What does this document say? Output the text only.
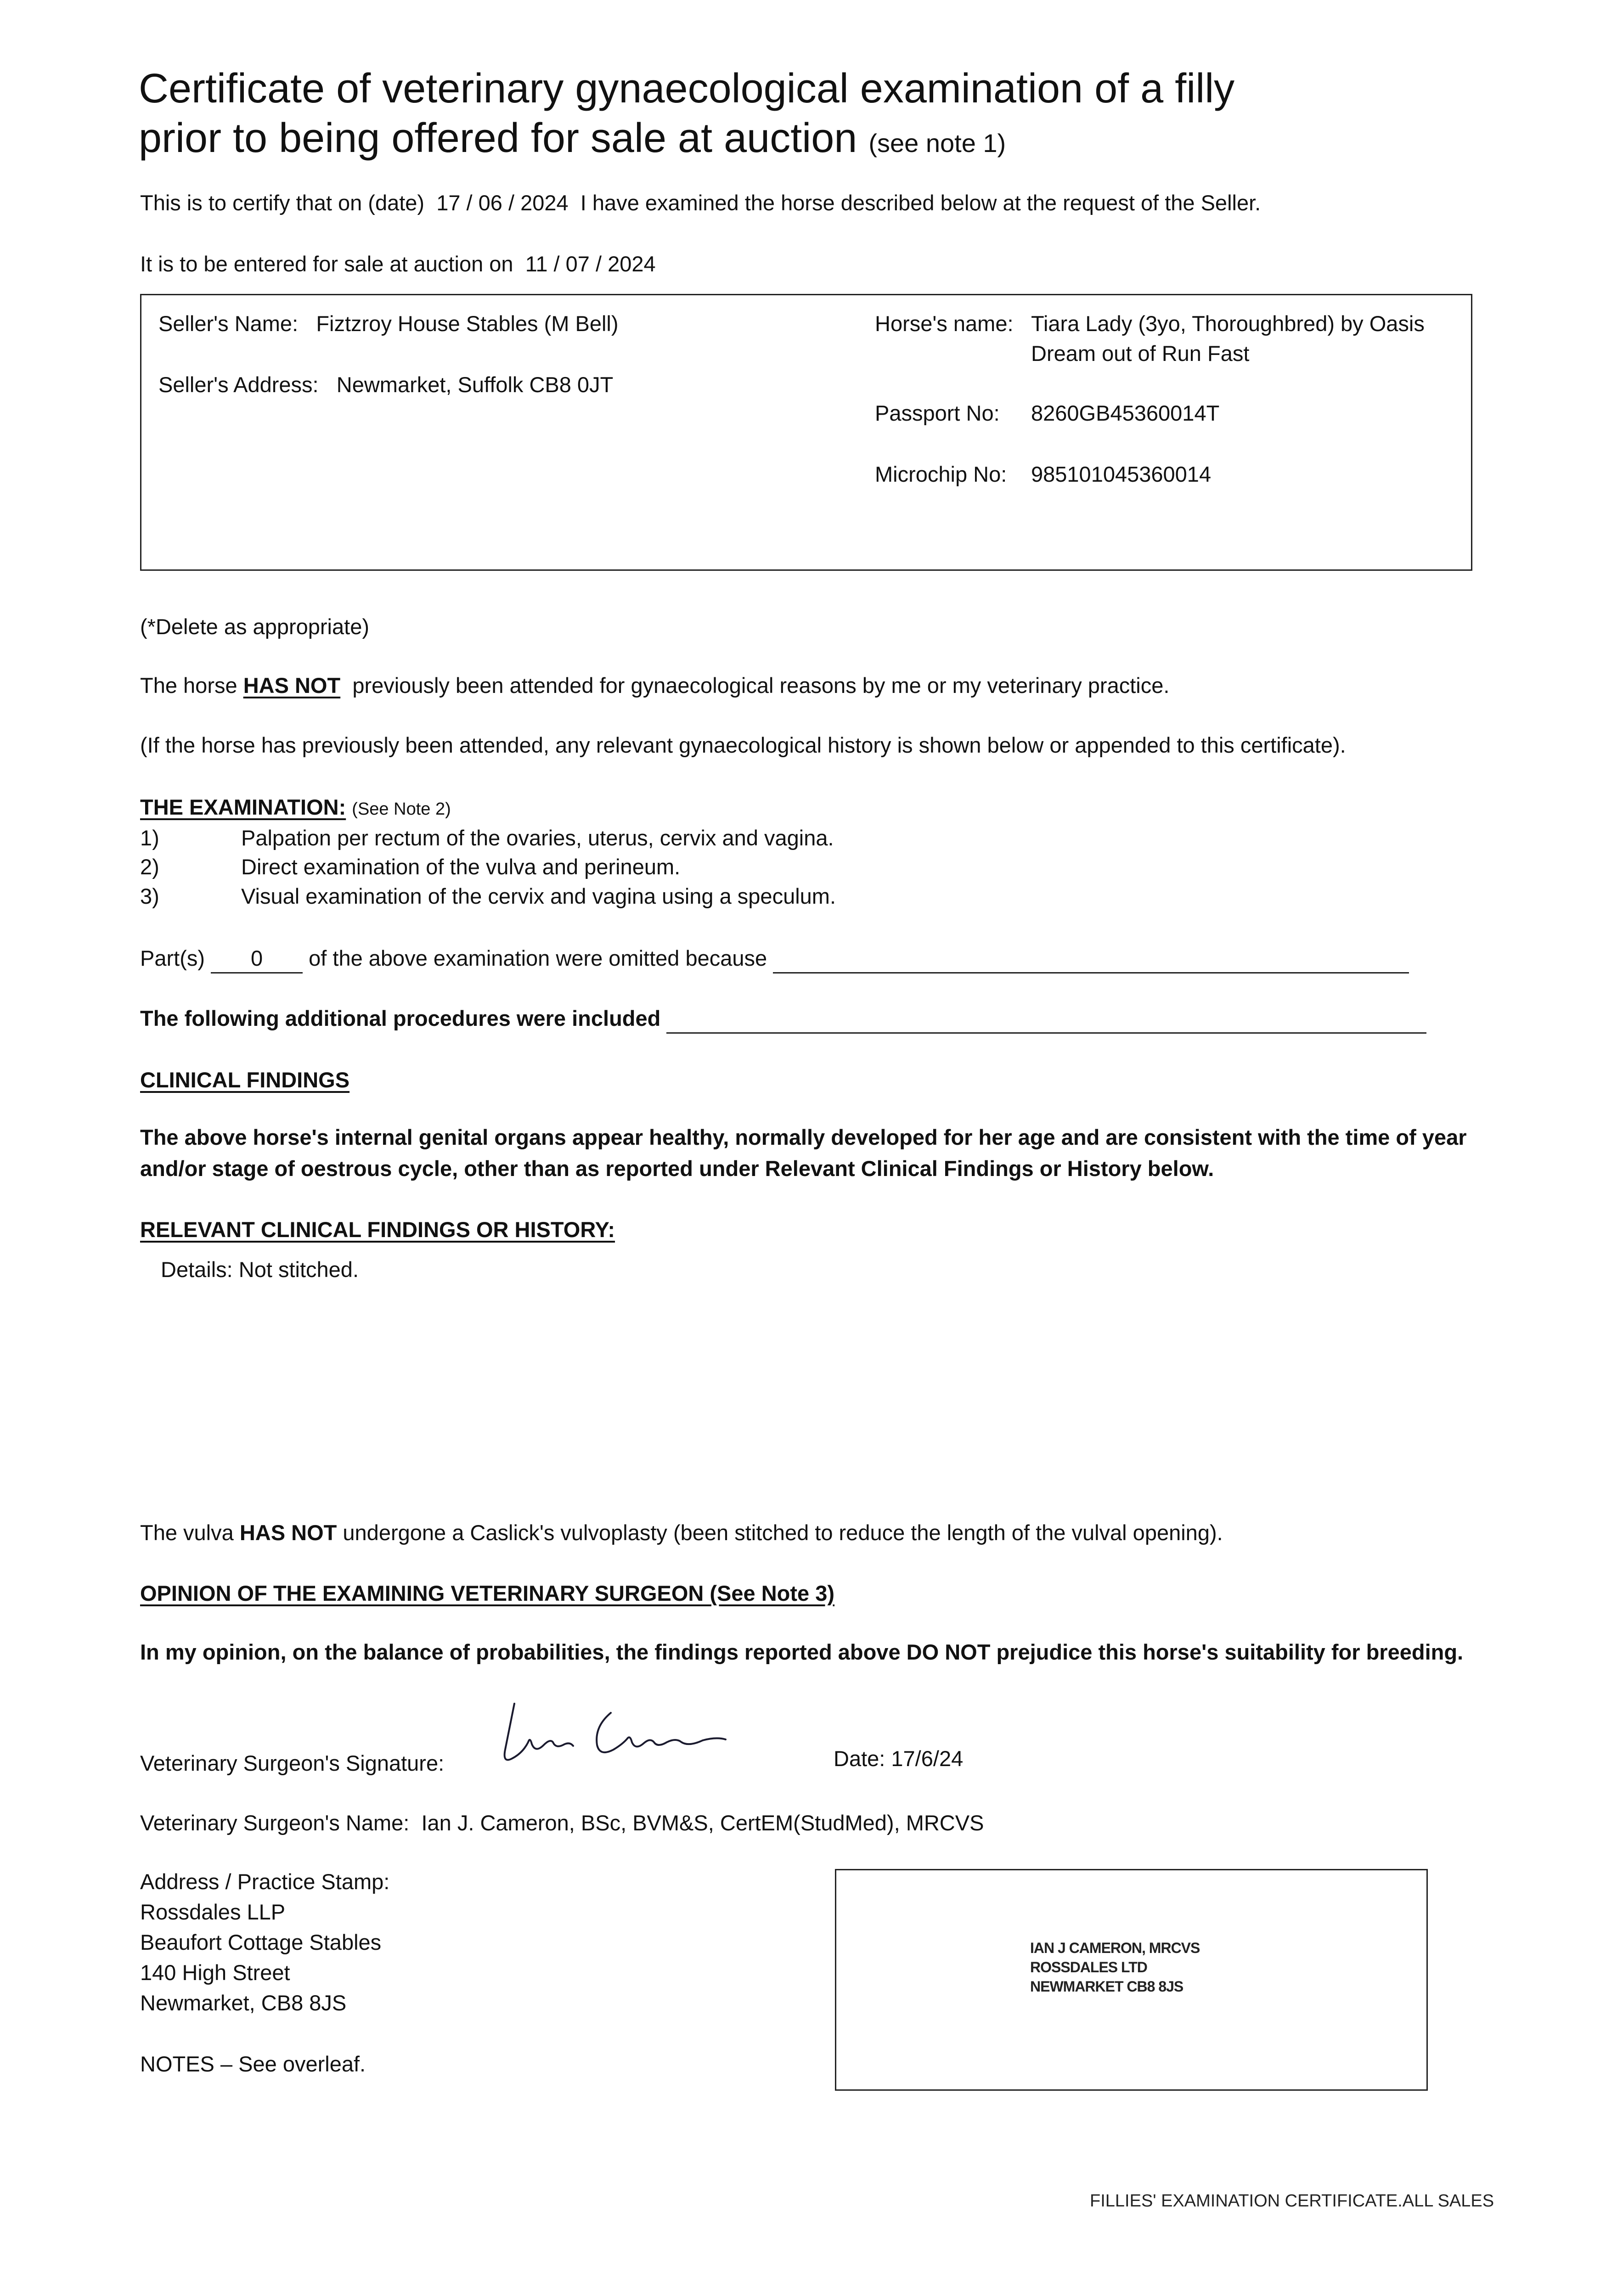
Certificate of veterinary gynaecological examination of a filly
prior to being offered for sale at auction (see note 1)
This is to certify that on (date) 17 / 06 / 2024 I have examined the horse described below at the request of the Seller.
It is to be entered for sale at auction on 11 / 07 / 2024
Seller's Name: Fiztzroy House Stables (M Bell)
Seller's Address: Newmarket, Suffolk CB8 0JT
Horse's name: Tiara Lady (3yo, Thoroughbred) by Oasis
Dream out of Run Fast
Passport No: 8260GB45360014T
Microchip No: 985101045360014
(*Delete as appropriate)
The horse HAS NOT previously been attended for gynaecological reasons by me or my veterinary practice.
(If the horse has previously been attended, any relevant gynaecological history is shown below or appended to this certificate).
THE EXAMINATION: (See Note 2)
1)	Palpation per rectum of the ovaries, uterus, cervix and vagina.
2)	Direct examination of the vulva and perineum.
3)	Visual examination of the cervix and vagina using a speculum.
Part(s) 0 of the above examination were omitted because
The following additional procedures were included
CLINICAL FINDINGS
The above horse's internal genital organs appear healthy, normally developed for her age and are consistent with the time of year
and/or stage of oestrous cycle, other than as reported under Relevant Clinical Findings or History below.
RELEVANT CLINICAL FINDINGS OR HISTORY:
Details: Not stitched.
The vulva HAS NOT undergone a Caslick's vulvoplasty (been stitched to reduce the length of the vulval opening).
OPINION OF THE EXAMINING VETERINARY SURGEON (See Note 3)
In my opinion, on the balance of probabilities, the findings reported above DO NOT prejudice this horse's suitability for breeding.
Veterinary Surgeon's Signature:	Date: 17/6/24
Veterinary Surgeon's Name: Ian J. Cameron, BSc, BVM&S, CertEM(StudMed), MRCVS
Address / Practice Stamp:
Rossdales LLP
Beaufort Cottage Stables
140 High Street
Newmarket, CB8 8JS
IAN J CAMERON, MRCVS
ROSSDALES LTD
NEWMARKET CB8 8JS
NOTES – See overleaf.
FILLIES' EXAMINATION CERTIFICATE.ALL SALES
